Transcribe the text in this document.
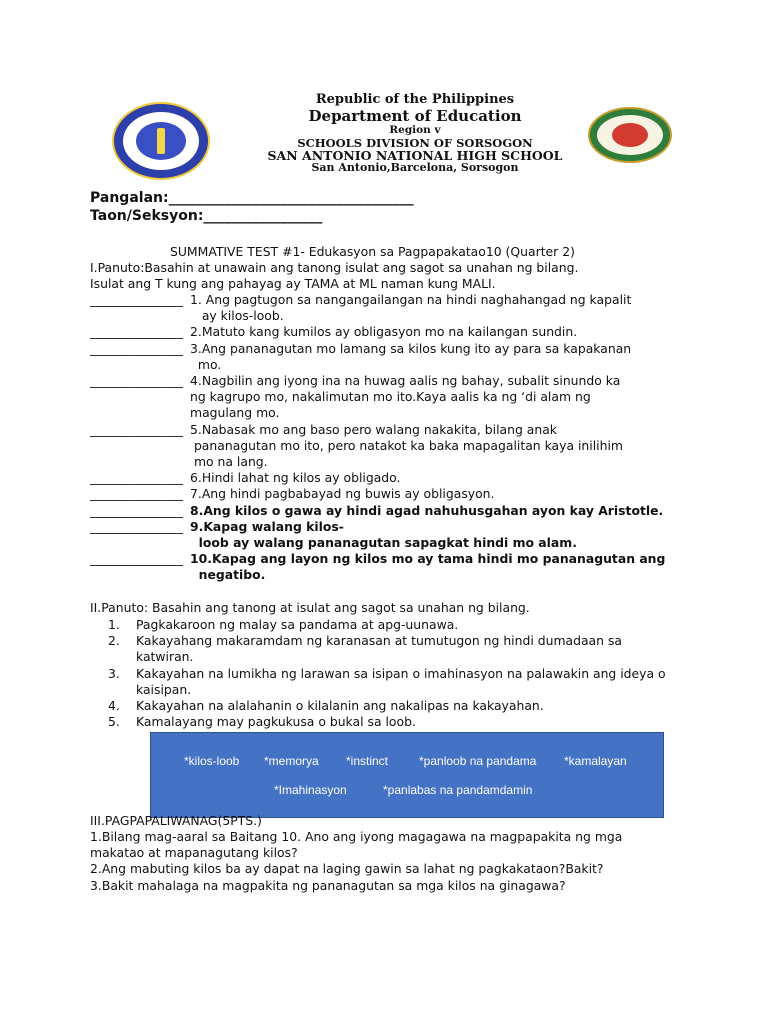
Republic of the Philippines
Department of Education
Region v
SCHOOLS DIVISION OF SORSOGON
SAN ANTONIO NATIONAL HIGH SCHOOL
San Antonio,Barcelona, Sorsogon
Pangalan:___________________________________
Taon/Seksyon:_________________
SUMMATIVE TEST #1- Edukasyon sa Pagpapakatao10 (Quarter 2)
I.Panuto:Basahin at unawain ang tanong isulat ang sagot sa unahan ng bilang.
Isulat ang T kung ang pahayag ay TAMA at ML naman kung MALI.
_______________ 1. Ang pagtugon sa nangangailangan na hindi naghahangad ng kapalit
ay kilos-loob.
_______________ 2.Matuto kang kumilos ay obligasyon mo na kailangan sundin.
_______________ 3.Ang pananagutan mo lamang sa kilos kung ito ay para sa kapakanan
mo.
_______________ 4.Nagbilin ang iyong ina na huwag aalis ng bahay, subalit sinundo ka
ng kagrupo mo, nakalimutan mo ito.Kaya aalis ka ng ‘di alam ng
magulang mo.
_______________ 5.Nabasak mo ang baso pero walang nakakita, bilang anak
pananagutan mo ito, pero natakot ka baka mapagalitan kaya inilihim
mo na lang.
_______________ 6.Hindi lahat ng kilos ay obligado.
_______________ 7.Ang hindi pagbabayad ng buwis ay obligasyon.
_______________ 8.Ang kilos o gawa ay hindi agad nahuhusgahan ayon kay Aristotle.
_______________ 9.Kapag walang kilos-
loob ay walang pananagutan sapagkat hindi mo alam.
_______________ 10.Kapag ang layon ng kilos mo ay tama hindi mo pananagutan ang
negatibo.
II.Panuto: Basahin ang tanong at isulat ang sagot sa unahan ng bilang.
1. Pagkakaroon ng malay sa pandama at apg-uunawa.
2. Kakayahang makaramdam ng karanasan at tumutugon ng hindi dumadaan sa
katwiran.
3. Kakayahan na lumikha ng larawan sa isipan o imahinasyon na palawakin ang ideya o
kaisipan.
4. Kakayahan na alalahanin o kilalanin ang nakalipas na kakayahan.
5. Kamalayang may pagkukusa o bukal sa loob.
*kilos-loob *memorya *instinct	*panloob na pandama *kamalayan
*Imahinasyon	*panlabas na pandamdamin
III.PAGPAPALIWANAG(5PTS.)
1.Bilang mag-aaral sa Baitang 10. Ano ang iyong magagawa na magpapakita ng mga
makatao at mapanagutang kilos?
2.Ang mabuting kilos ba ay dapat na laging gawin sa lahat ng pagkakataon?Bakit?
3.Bakit mahalaga na magpakita ng pananagutan sa mga kilos na ginagawa?
